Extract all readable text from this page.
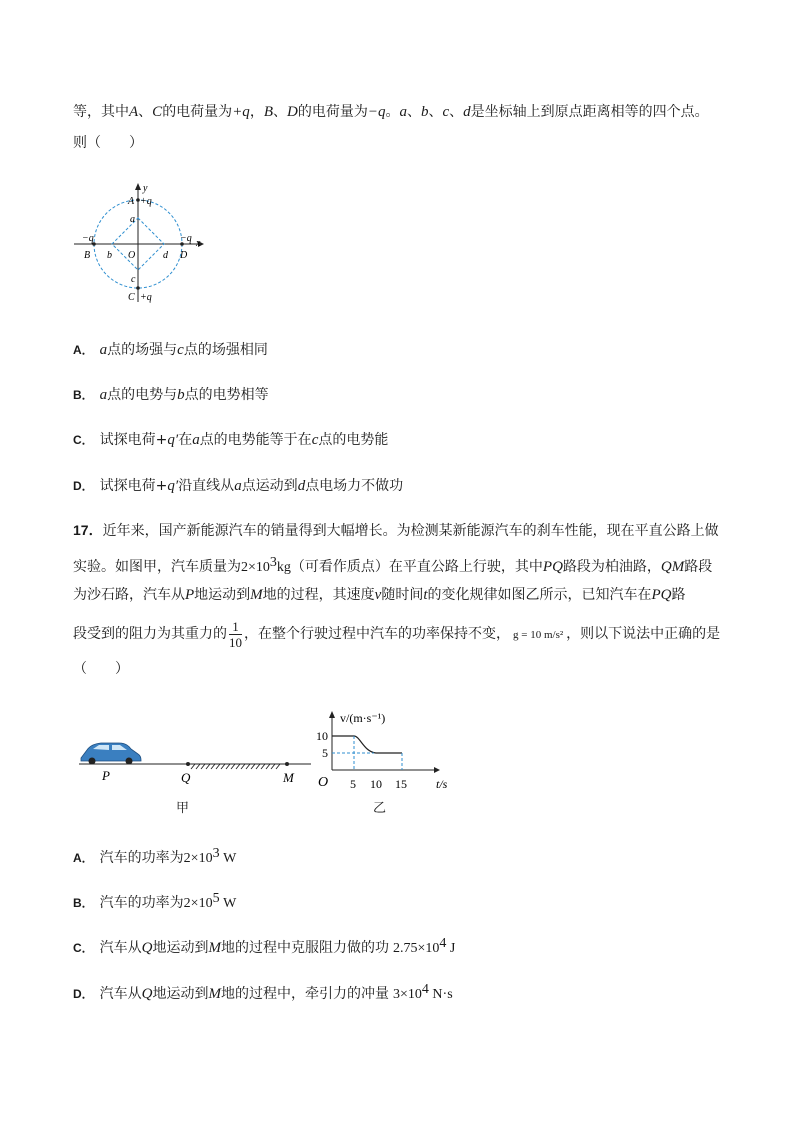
等，其中A、C的电荷量为+q，B、D的电荷量为−q。a、b、c、d是坐标轴上到原点距离相等的四个点。
则（　　）
y
x
A +q
a
−q
B b O	d D
−q
c
C +q
A． a点的场强与c点的场强相同
B． a点的电势与b点的电势相等
C． 试探电荷+q′在a点的电势能等于在c点的电势能
D． 试探电荷+q′沿直线从a点运动到d点电场力不做功
17．近年来，国产新能源汽车的销量得到大幅增长。为检测某新能源汽车的刹车性能，现在平直公路上做
实验。如图甲，汽车质量为$2\times 10^3kg$（可看作质点）在平直公路上行驶，其中PQ路段为柏油路，QM路段
为沙石路，汽车从P地运动到M地的过程，其速度v随时间t的变化规律如图乙所示，已知汽车在PQ路
段受到的阻力为其重力的 $\frac{1}{10}$ ，在整个行驶过程中汽车的功率保持不变， g = 10 m/s² ，则以下说法中正确的是
（　　）
P	Q	M
甲
v/(m·s⁻¹)
10
5
O 5 10 15 t/s
乙
A． 汽车的功率为$2\times 10^3$ W
B． 汽车的功率为$2\times 10^5$ W
C． 汽车从Q地运动到M地的过程中克服阻力做的功 $2.75\times 10^4$ J
D． 汽车从Q地运动到M地的过程中，牵引力的冲量 $3\times 10^4$ N·s
